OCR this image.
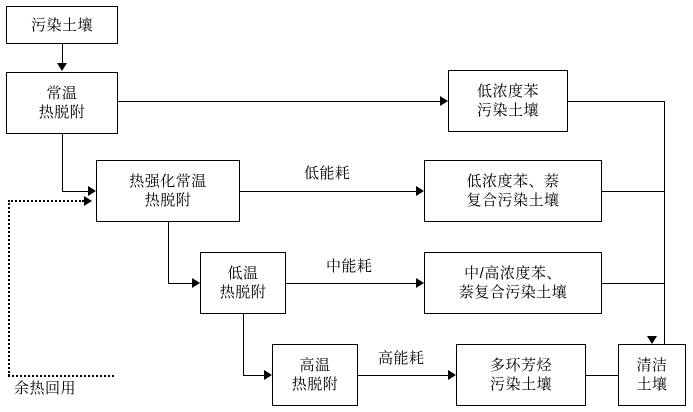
污染土壤
常温
热脱附
热强化常温
热脱附
低温
热脱附
高温
热脱附
低浓度苯
污染土壤
低浓度苯、萘
复合污染土壤
中/高浓度苯、
萘复合污染土壤
多环芳烃
污染土壤
清洁
土壤
低能耗
中能耗
高能耗
余热回用
